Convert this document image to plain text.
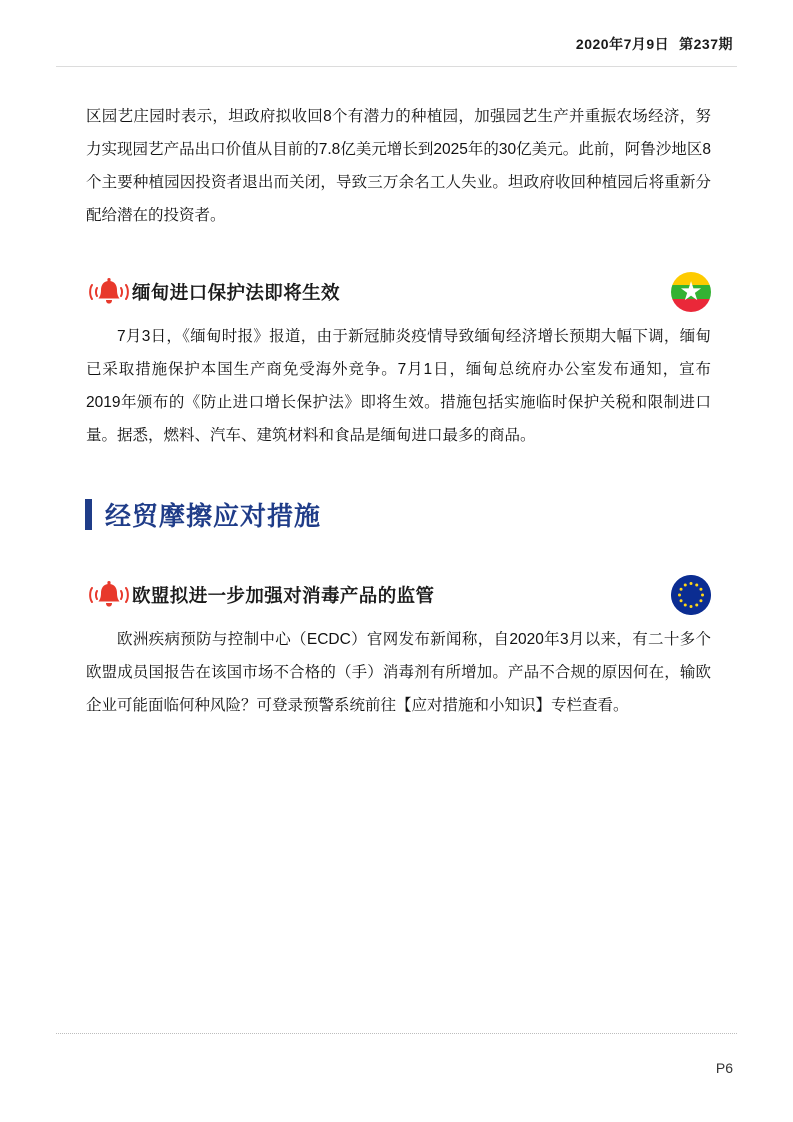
2020年7月9日 第237期

区园艺庄园时表示，坦政府拟收回8个有潜力的种植园，加强园艺生产并重振农场经济，努力实现园艺产品出口价值从目前的7.8亿美元增长到2025年的30亿美元。此前，阿鲁沙地区8个主要种植园因投资者退出而关闭，导致三万余名工人失业。坦政府收回种植园后将重新分配给潜在的投资者。

缅甸进口保护法即将生效	★

7月3日，《缅甸时报》报道，由于新冠肺炎疫情导致缅甸经济增长预期大幅下调，缅甸已采取措施保护本国生产商免受海外竞争。7月1日，缅甸总统府办公室发布通知，宣布2019年颁布的《防止进口增长保护法》即将生效。措施包括实施临时保护关税和限制进口量。据悉，燃料、汽车、建筑材料和食品是缅甸进口最多的商品。

经贸摩擦应对措施
欧盟拟进一步加强对消毒产品的监管

欧洲疾病预防与控制中心（ECDC）官网发布新闻称，自2020年3月以来，有二十多个欧盟成员国报告在该国市场不合格的（手）消毒剂有所增加。产品不合规的原因何在，输欧企业可能面临何种风险？可登录预警系统前往【应对措施和小知识】专栏查看。

P6
